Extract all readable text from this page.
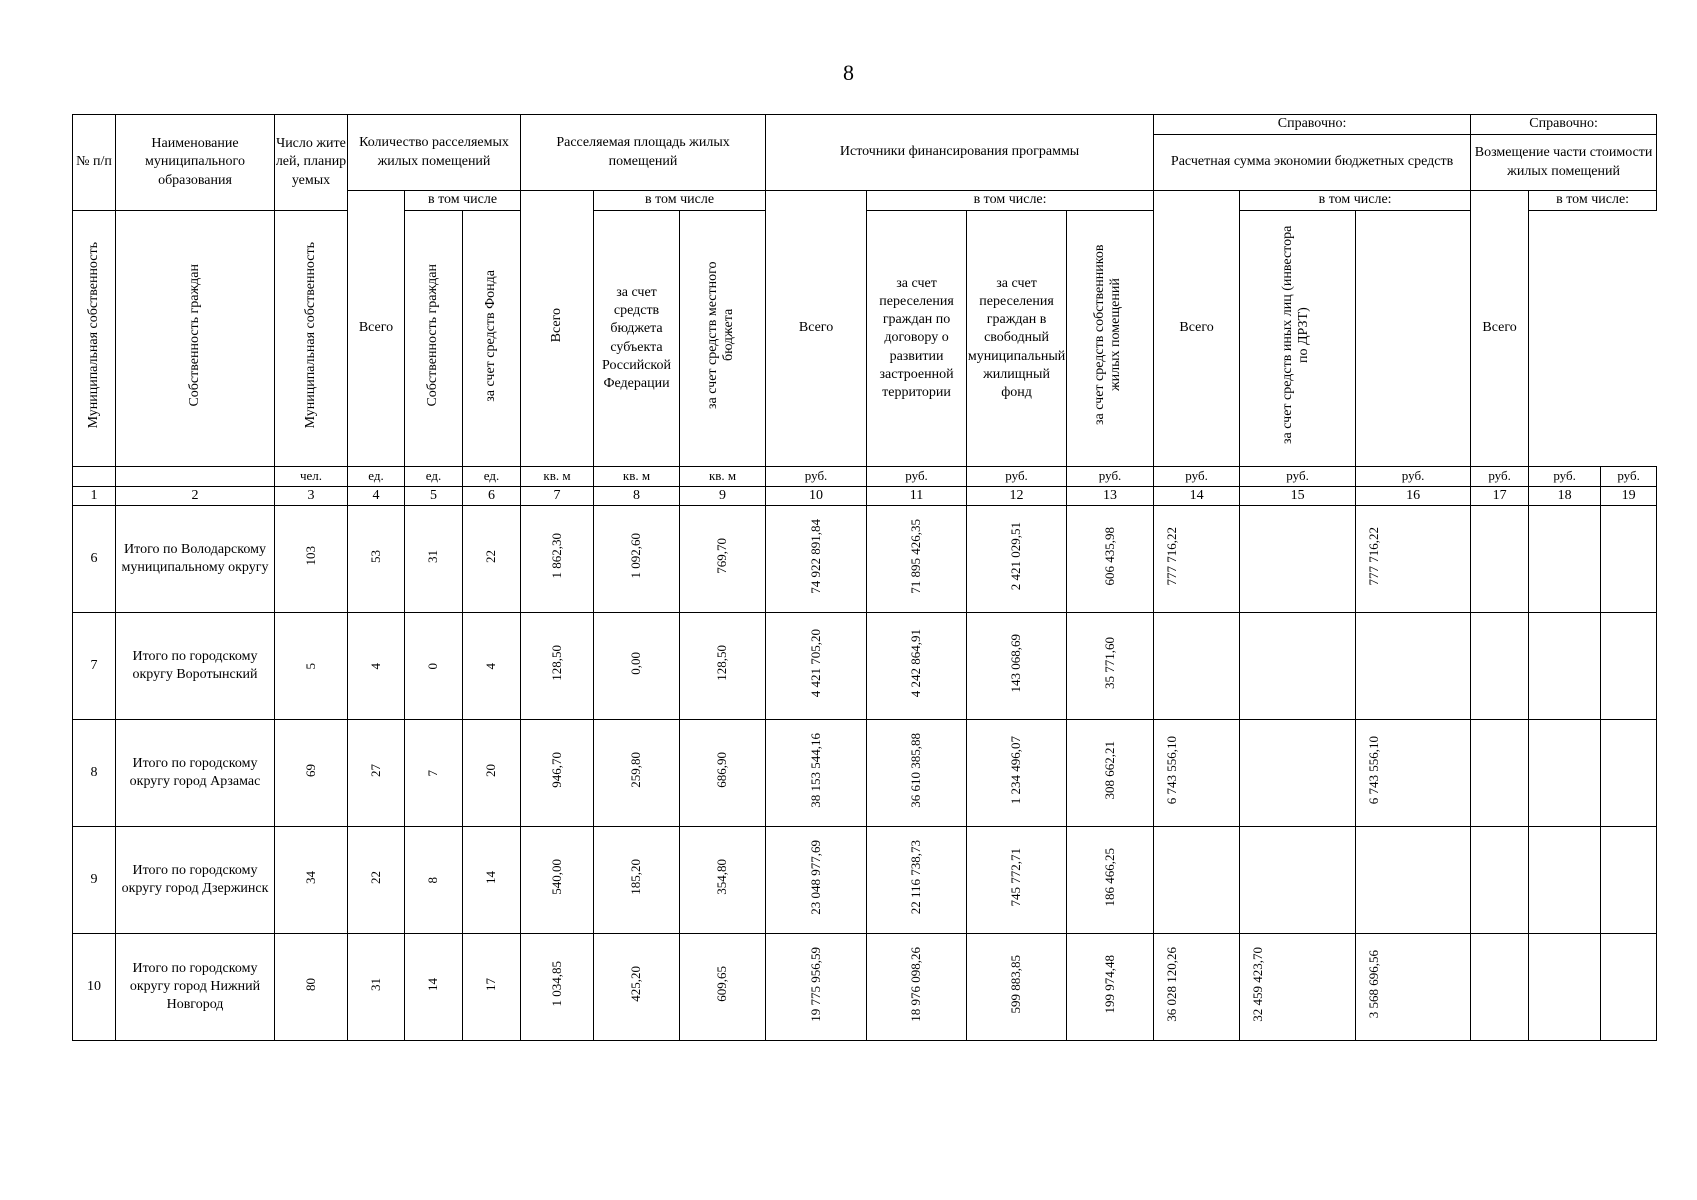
8
№ п/п	Наименование муниципального образования	Число жителей, планируемых	Количество расселяемых жилых помещений			Расселяемая площадь жилых помещений			Источники финансирования программы				Справочно:			Справочно:		
													Расчетная сумма экономии бюджетных средств			Возмещение части стоимости жилых помещений		
			Всего	в том числе		Всего	в том числе		Всего	в том числе:			Всего	в том числе:		Всего	в том числе:	
Муниципальная собственность	Собственность граждан	Муниципальная собственность		Собственность граждан	за счет средств Фонда		за счет средств бюджета субъекта Российской Федерации	за счет средств местного бюджета		за счет переселения граждан по договору о развитии застроенной территории	за счет переселения граждан в свободный муниципальный жилищный фонд	за счет средств собственников жилых помещений		за счет средств иных лиц (инвестора по ДРЗТ)				
		чел.	ед.	ед.	ед.	кв. м	кв. м	кв. м	руб.	руб.	руб.	руб.	руб.	руб.	руб.	руб.	руб.	руб.
1	2	3	4	5	6	7	8	9	10	11	12	13	14	15	16	17	18	19
6	Итого по Володарскому муниципальному округу	103	53	31	22	1 862,30	1 092,60	769,70	74 922 891,84	71 895 426,35	2 421 029,51	606 435,98	777 716,22		777 716,22			
7	Итого по городскому округу Воротынский	5	4	0	4	128,50	0,00	128,50	4 421 705,20	4 242 864,91	143 068,69	35 771,60						
8	Итого по городскому округу город Арзамас	69	27	7	20	946,70	259,80	686,90	38 153 544,16	36 610 385,88	1 234 496,07	308 662,21	6 743 556,10		6 743 556,10			
9	Итого по городскому округу город Дзержинск	34	22	8	14	540,00	185,20	354,80	23 048 977,69	22 116 738,73	745 772,71	186 466,25						
10	Итого по городскому округу город Нижний Новгород	80	31	14	17	1 034,85	425,20	609,65	19 775 956,59	18 976 098,26	599 883,85	199 974,48	36 028 120,26	32 459 423,70	3 568 696,56			
